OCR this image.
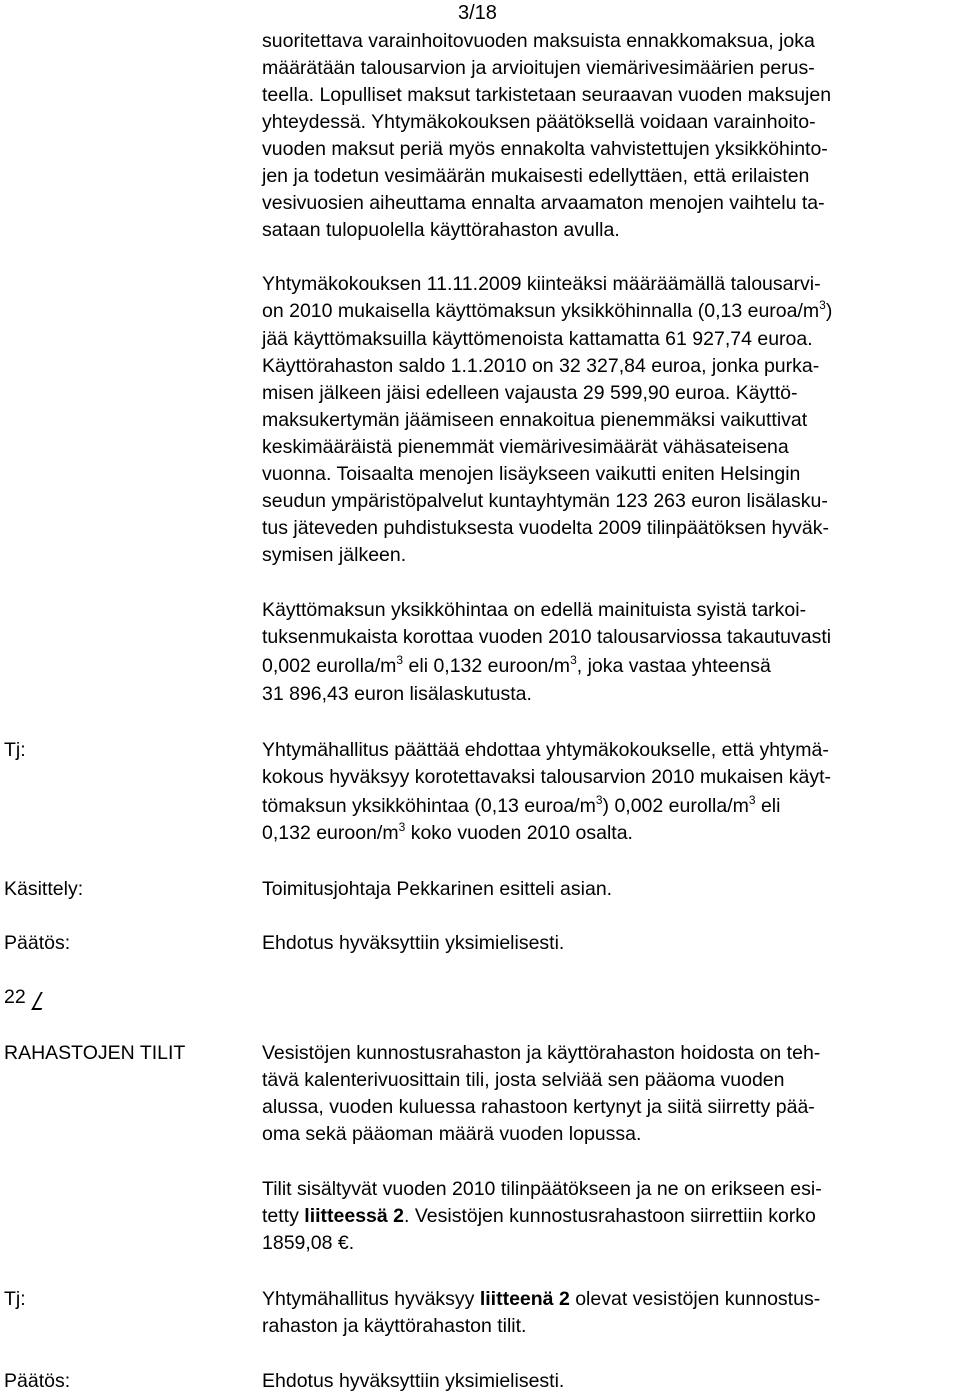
3/18
suoritettava varainhoitovuoden maksuista ennakkomaksua, joka
määrätään talousarvion ja arvioitujen viemärivesimäärien perus-
teella. Lopulliset maksut tarkistetaan seuraavan vuoden maksujen
yhteydessä. Yhtymäkokouksen päätöksellä voidaan varainhoito-
vuoden maksut periä myös ennakolta vahvistettujen yksikköhinto-
jen ja todetun vesimäärän mukaisesti edellyttäen, että erilaisten
vesivuosien aiheuttama ennalta arvaamaton menojen vaihtelu ta-
sataan tulopuolella käyttörahaston avulla.
Yhtymäkokouksen 11.11.2009 kiinteäksi määräämällä talousarvi-
on 2010 mukaisella käyttömaksun yksikköhinnalla (0,13 euroa/$m^3$)
jää käyttömaksuilla käyttömenoista kattamatta 61 927,74 euroa.
Käyttörahaston saldo 1.1.2010 on 32 327,84 euroa, jonka purka-
misen jälkeen jäisi edelleen vajausta 29 599,90 euroa. Käyttö-
maksukertymän jäämiseen ennakoitua pienemmäksi vaikuttivat
keskimääräistä pienemmät viemärivesimäärät vähäsateisena
vuonna. Toisaalta menojen lisäykseen vaikutti eniten Helsingin
seudun ympäristöpalvelut kuntayhtymän 123 263 euron lisälasku-
tus jäteveden puhdistuksesta vuodelta 2009 tilinpäätöksen hyväk-
symisen jälkeen.
Käyttömaksun yksikköhintaa on edellä mainituista syistä tarkoi-
tuksenmukaista korottaa vuoden 2010 talousarviossa takautuvasti
0,002 eurolla/$m^3$ eli 0,132 euroon/$m^3$, joka vastaa yhteensä
31 896,43 euron lisälaskutusta.
Tj:	Yhtymähallitus päättää ehdottaa yhtymäkokoukselle, että yhtymä-
kokous hyväksyy korotettavaksi talousarvion 2010 mukaisen käyt-
tömaksun yksikköhintaa (0,13 euroa/$m^3$) 0,002 eurolla/$m^3$ eli
0,132 euroon/$m^3$ koko vuoden 2010 osalta.
Käsittely:	Toimitusjohtaja Pekkarinen esitteli asian.
Päätös:	Ehdotus hyväksyttiin yksimielisesti.
22
RAHASTOJEN TILIT	Vesistöjen kunnostusrahaston ja käyttörahaston hoidosta on teh-
tävä kalenterivuosittain tili, josta selviää sen pääoma vuoden
alussa, vuoden kuluessa rahastoon kertynyt ja siitä siirretty pää-
oma sekä pääoman määrä vuoden lopussa.
Tilit sisältyvät vuoden 2010 tilinpäätökseen ja ne on erikseen esi-
tetty liitteessä 2. Vesistöjen kunnostusrahastoon siirrettiin korko
1859,08 €.
Tj:	Yhtymähallitus hyväksyy liitteenä 2 olevat vesistöjen kunnostus-
rahaston ja käyttörahaston tilit.
Päätös:	Ehdotus hyväksyttiin yksimielisesti.
